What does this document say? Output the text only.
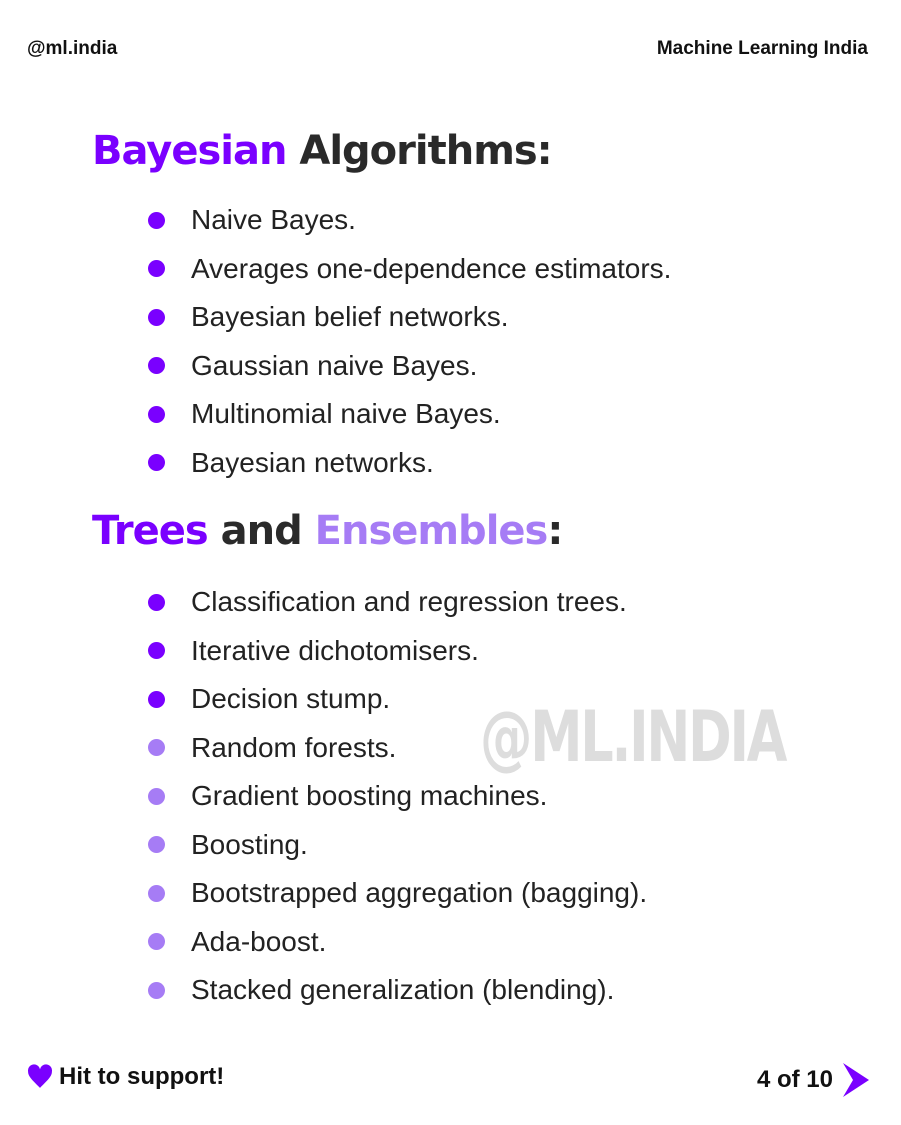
@ml.india	Machine Learning India
Bayesian Algorithms:
Naive Bayes.
Averages one-dependence estimators.
Bayesian belief networks.
Gaussian naive Bayes.
Multinomial naive Bayes.
Bayesian networks.
Trees and Ensembles:
Classification and regression trees.
Iterative dichotomisers.
Decision stump.
Random forests.
Gradient boosting machines.
Boosting.
Bootstrapped aggregation (bagging).
Ada-boost.
Stacked generalization (blending).
@ML.INDIA
Hit to support!	4 of 10
